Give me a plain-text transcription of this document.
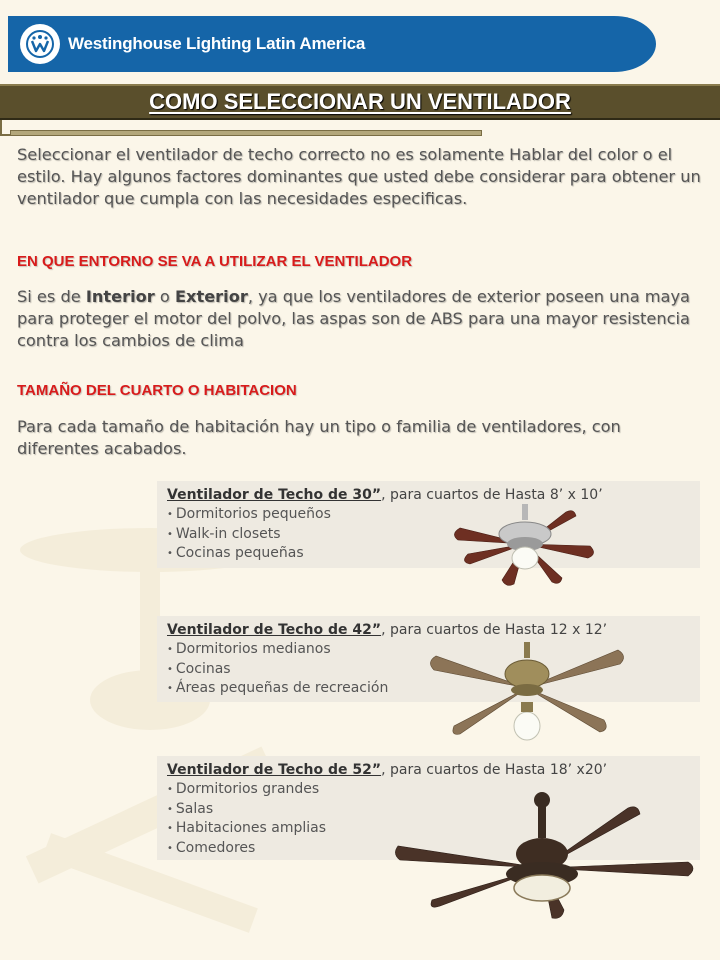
Westinghouse Lighting Latin America
COMO SELECCIONAR UN VENTILADOR
Seleccionar el ventilador de techo correcto no es solamente Hablar del color o el estilo. Hay algunos factores dominantes que usted debe considerar para obtener un ventilador que cumpla con las necesidades especificas.
EN QUE ENTORNO SE VA A UTILIZAR EL VENTILADOR
Si es de Interior o Exterior, ya que los ventiladores de exterior poseen una maya para proteger el motor del polvo, las aspas son de ABS para una mayor resistencia contra los cambios de clima
TAMAÑO DEL CUARTO O HABITACION
Para cada tamaño de habitación hay un tipo o familia de ventiladores, con diferentes acabados.
Ventilador de Techo de 30”, para cuartos de Hasta 8’ x 10’
• Dormitorios pequeños
• Walk-in closets
• Cocinas pequeñas
Ventilador de Techo de 42”, para cuartos de Hasta 12 x 12’
• Dormitorios medianos
• Cocinas
• Áreas pequeñas de recreación
Ventilador de Techo de 52”, para cuartos de Hasta 18’ x20’
• Dormitorios grandes
• Salas
• Habitaciones amplias
• Comedores
